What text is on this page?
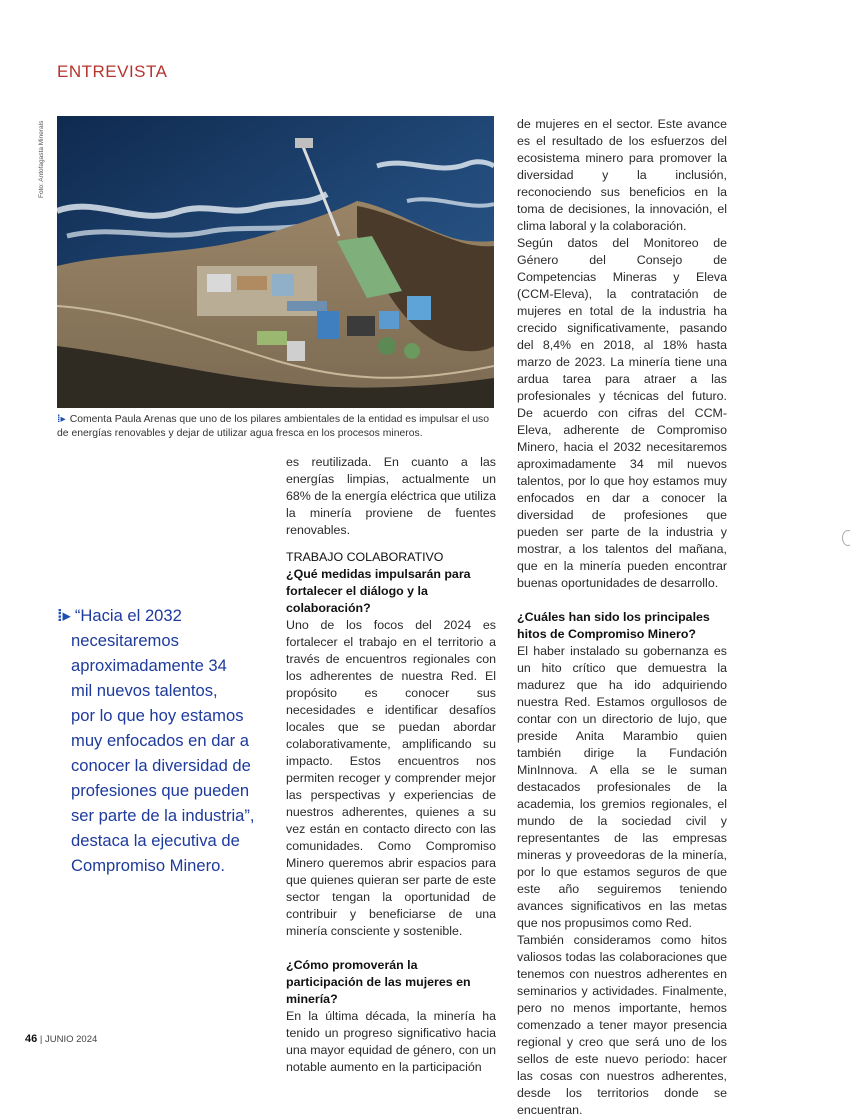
ENTREVISTA
Foto: Antofagasta Minerals
⁞▸ Comenta Paula Arenas que uno de los pilares ambientales de la entidad es impulsar el uso de energías renovables y dejar de utilizar agua fresca en los procesos mineros.
⁞▸ “Hacia el 2032
necesitaremos
aproximadamente 34
mil nuevos talentos,
por lo que hoy estamos
muy enfocados en dar a
conocer la diversidad de
profesiones que pueden
ser parte de la industria”,
destaca la ejecutiva de
Compromiso Minero.

es reutilizada. En cuanto a las energías limpias, actualmente un 68% de la energía eléctrica que utiliza la minería proviene de fuentes renovables.

TRABAJO COLABORATIVO
¿Qué medidas impulsarán para fortalecer el diálogo y la colaboración?

Uno de los focos del 2024 es fortalecer el trabajo en el territorio a través de encuentros regionales con los adherentes de nuestra Red. El propósito es conocer sus necesidades e identificar desafíos locales que se puedan abordar colaborativamente, amplificando su impacto. Estos encuentros nos permiten recoger y comprender mejor las perspectivas y experiencias de nuestros adherentes, quienes a su vez están en contacto directo con las comunidades. Como Compromiso Minero queremos abrir espacios para que quienes quieran ser parte de este sector tengan la oportunidad de contribuir y beneficiarse de una minería consciente y sostenible.

¿Cómo promoverán la participación de las mujeres en minería?

En la última década, la minería ha tenido un progreso significativo hacia una mayor equidad de género, con un notable aumento en la participación

de mujeres en el sector. Este avance es el resultado de los esfuerzos del ecosistema minero para promover la diversidad y la inclusión, reconociendo sus beneficios en la toma de decisiones, la innovación, el clima laboral y la colaboración.

Según datos del Monitoreo de Género del Consejo de Competencias Mineras y Eleva (CCM-Eleva), la contratación de mujeres en total de la industria ha crecido significativamente, pasando del 8,4% en 2018, al 18% hasta marzo de 2023. La minería tiene una ardua tarea para atraer a las profesionales y técnicas del futuro. De acuerdo con cifras del CCM-Eleva, adherente de Compromiso Minero, hacia el 2032 necesitaremos aproximadamente 34 mil nuevos talentos, por lo que hoy estamos muy enfocados en dar a conocer la diversidad de profesiones que pueden ser parte de la industria y mostrar, a los talentos del mañana, que en la minería pueden encontrar buenas oportunidades de desarrollo.

¿Cuáles han sido los principales hitos de Compromiso Minero?

El haber instalado su gobernanza es un hito crítico que demuestra la madurez que ha ido adquiriendo nuestra Red. Estamos orgullosos de contar con un directorio de lujo, que preside Anita Marambio quien también dirige la Fundación MinInnova. A ella se le suman destacados profesionales de la academia, los gremios regionales, el mundo de la sociedad civil y representantes de las empresas mineras y proveedoras de la minería, por lo que estamos seguros de que este año seguiremos teniendo avances significativos en las metas que nos propusimos como Red.

También consideramos como hitos valiosos todas las colaboraciones que tenemos con nuestros adherentes en seminarios y actividades. Finalmente, pero no menos importante, hemos comenzado a tener mayor presencia regional y creo que será uno de los sellos de este nuevo periodo: hacer las cosas con nuestros adherentes, desde los territorios donde se encuentran.

46 | JUNIO 2024
